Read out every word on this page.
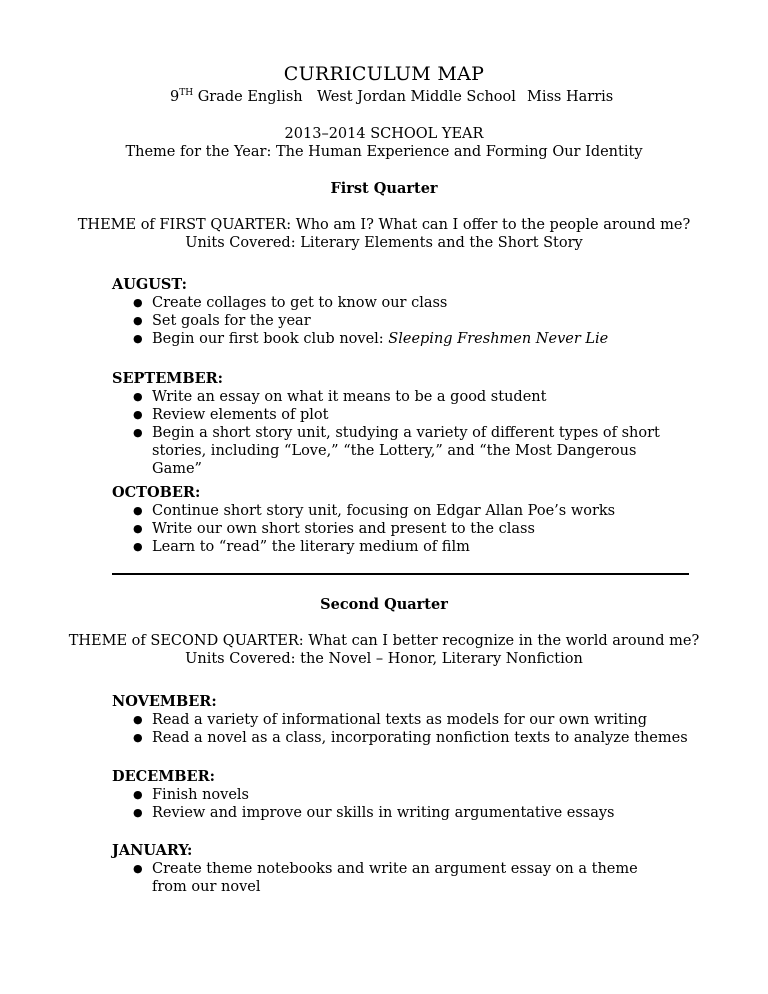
CURRICULUM MAP
9TH Grade English West Jordan Middle School Miss Harris
2013–2014 SCHOOL YEAR
Theme for the Year: The Human Experience and Forming Our Identity
First Quarter
THEME of FIRST QUARTER: Who am I? What can I offer to the people around me?
Units Covered: Literary Elements and the Short Story
AUGUST:
● Create collages to get to know our class
● Set goals for the year
● Begin our first book club novel: Sleeping Freshmen Never Lie
SEPTEMBER:
● Write an essay on what it means to be a good student
● Review elements of plot
● Begin a short story unit, studying a variety of different types of short stories, including “Love,” “the Lottery,” and “the Most Dangerous Game”
OCTOBER:
● Continue short story unit, focusing on Edgar Allan Poe’s works
● Write our own short stories and present to the class
● Learn to “read” the literary medium of film
Second Quarter
THEME of SECOND QUARTER: What can I better recognize in the world around me?
Units Covered: the Novel – Honor, Literary Nonfiction
NOVEMBER:
● Read a variety of informational texts as models for our own writing
● Read a novel as a class, incorporating nonfiction texts to analyze themes
DECEMBER:
● Finish novels
● Review and improve our skills in writing argumentative essays
JANUARY:
● Create theme notebooks and write an argument essay on a theme from our novel
